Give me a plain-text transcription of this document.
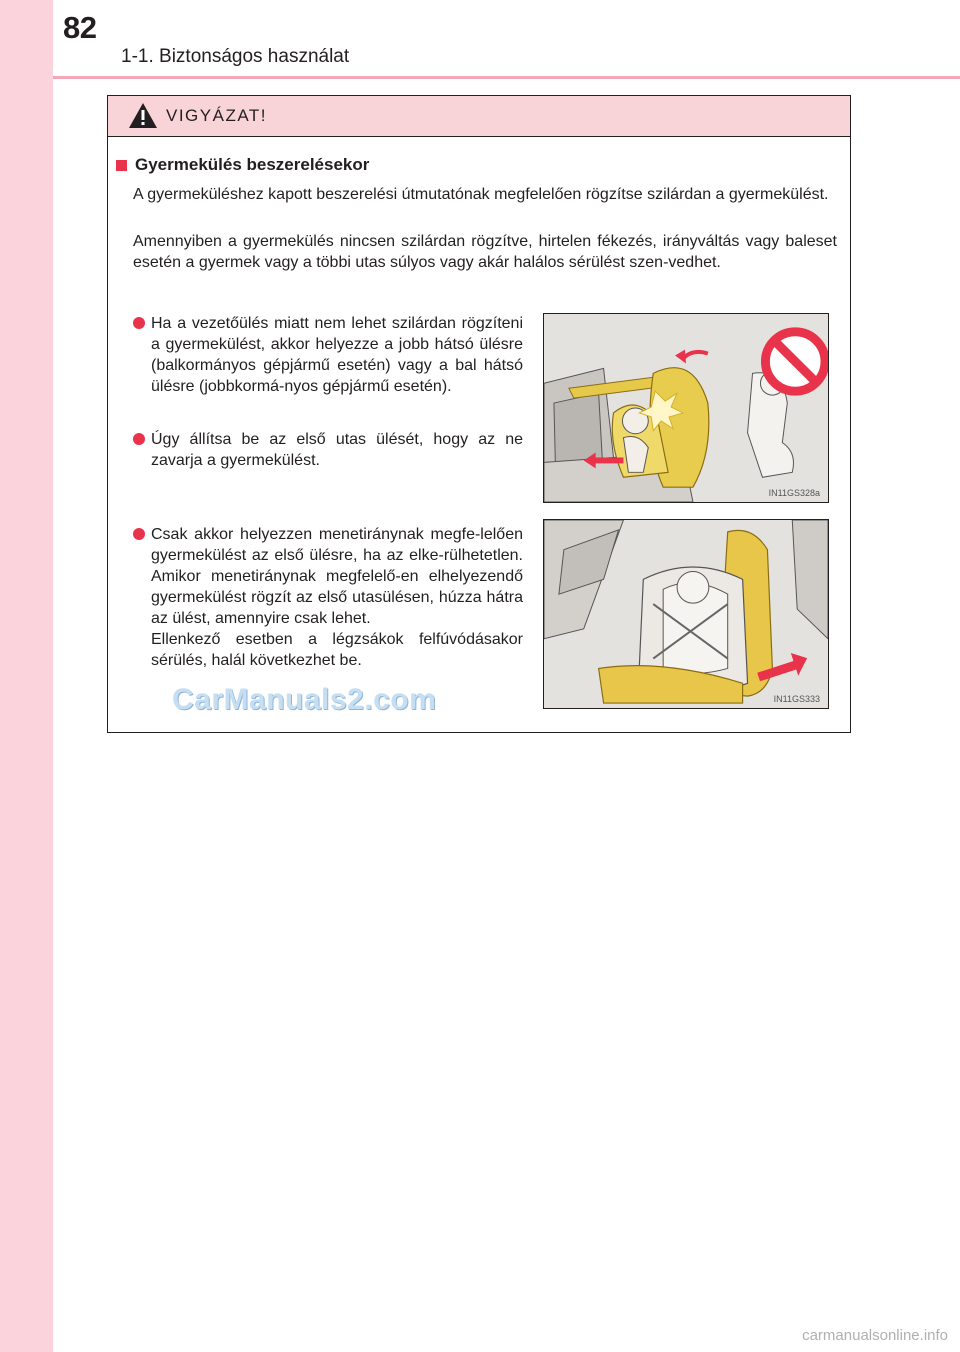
82
1-1. Biztonságos használat
VIGYÁZAT!
Gyermekülés beszerelésekor
A gyermeküléshez kapott beszerelési útmutatónak megfelelően rögzítse szilárdan a gyermekülést.
Amennyiben a gyermekülés nincsen szilárdan rögzítve, hirtelen fékezés, irányváltás vagy baleset esetén a gyermek vagy a többi utas súlyos vagy akár halálos sérülést szen-vedhet.
Ha a vezetőülés miatt nem lehet szilárdan rögzíteni a gyermekülést, akkor helyezze a jobb hátsó ülésre (balkormányos gépjármű esetén) vagy a bal hátsó ülésre (jobbkormá-nyos gépjármű esetén).
Úgy állítsa be az első utas ülését, hogy az ne zavarja a gyermekülést.
Csak akkor helyezzen menetiránynak megfe-lelően gyermekülést az első ülésre, ha az elke-rülhetetlen. Amikor menetiránynak megfelelő-en elhelyezendő gyermekülést rögzít az első utasülésen, húzza hátra az ülést, amennyire csak lehet.
Ellenkező esetben a légzsákok felfúvódásakor sérülés, halál következhet be.
IN11GS328a
IN11GS333
CarManuals2.com
carmanualsonline.info
